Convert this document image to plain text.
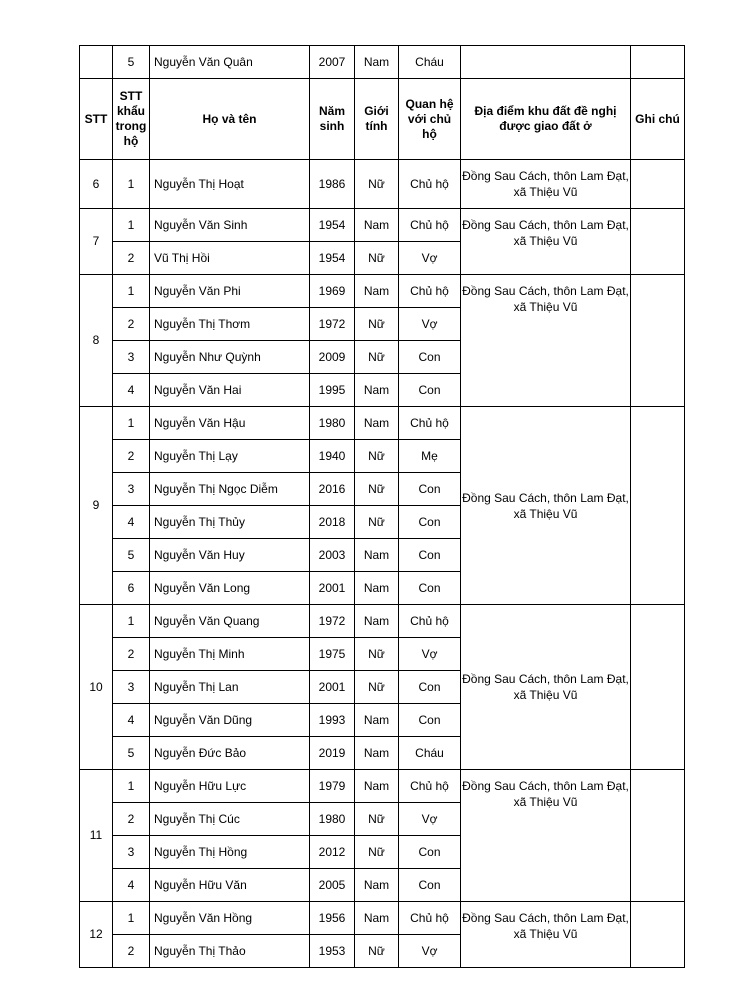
	5	Nguyễn Văn Quân	2007	Nam	Cháu		
STT	STT khẩu trong hộ	Họ và tên	Năm sinh	Giới tính	Quan hệ với chủ hộ	Địa điểm khu đất đề nghị được giao đất ở	Ghi chú
6	1	Nguyễn Thị Hoạt	1986	Nữ	Chủ hộ	Đồng Sau Cách, thôn Lam Đạt, xã Thiệu Vũ	
7	1	Nguyễn Văn Sinh	1954	Nam	Chủ hộ	Đồng Sau Cách, thôn Lam Đạt, xã Thiệu Vũ	
	2	Vũ Thị Hồi	1954	Nữ	Vợ		
8	1	Nguyễn Văn Phi	1969	Nam	Chủ hộ	Đồng Sau Cách, thôn Lam Đạt, xã Thiệu Vũ	
	2	Nguyễn Thị Thơm	1972	Nữ	Vợ		
	3	Nguyễn Như Quỳnh	2009	Nữ	Con		
	4	Nguyễn Văn Hai	1995	Nam	Con		
9	1	Nguyễn Văn Hậu	1980	Nam	Chủ hộ	Đồng Sau Cách, thôn Lam Đạt, xã Thiệu Vũ	
	2	Nguyễn Thị Lạy	1940	Nữ	Mẹ		
	3	Nguyễn Thị Ngọc Diễm	2016	Nữ	Con		
	4	Nguyễn Thị Thủy	2018	Nữ	Con		
	5	Nguyễn Văn Huy	2003	Nam	Con		
	6	Nguyễn Văn Long	2001	Nam	Con		
10	1	Nguyễn Văn Quang	1972	Nam	Chủ hộ	Đồng Sau Cách, thôn Lam Đạt, xã Thiệu Vũ	
	2	Nguyễn Thị Minh	1975	Nữ	Vợ		
	3	Nguyễn Thị Lan	2001	Nữ	Con		
	4	Nguyễn Văn Dũng	1993	Nam	Con		
	5	Nguyễn Đức Bảo	2019	Nam	Cháu		
11	1	Nguyễn Hữu Lực	1979	Nam	Chủ hộ	Đồng Sau Cách, thôn Lam Đạt, xã Thiệu Vũ	
	2	Nguyễn Thị Cúc	1980	Nữ	Vợ		
	3	Nguyễn Thị Hồng	2012	Nữ	Con		
	4	Nguyễn Hữu Văn	2005	Nam	Con		
12	1	Nguyễn Văn Hồng	1956	Nam	Chủ hộ	Đồng Sau Cách, thôn Lam Đạt, xã Thiệu Vũ	
	2	Nguyễn Thị Thảo	1953	Nữ	Vợ		
